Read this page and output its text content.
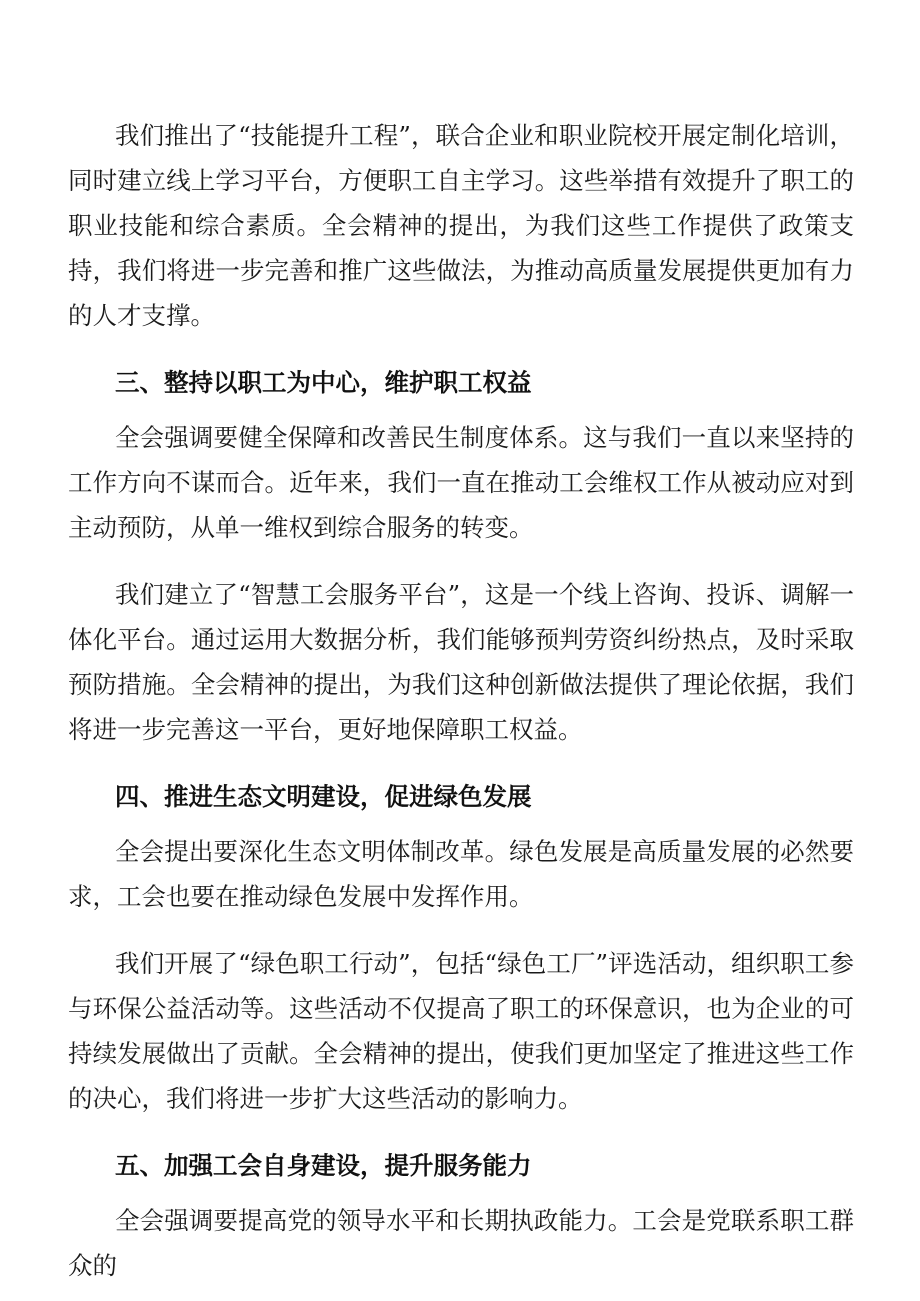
我们推出了“技能提升工程”，联合企业和职业院校开展定制化培训，同时建立线上学习平台，方便职工自主学习。这些举措有效提升了职工的职业技能和综合素质。全会精神的提出，为我们这些工作提供了政策支持，我们将进一步完善和推广这些做法，为推动高质量发展提供更加有力的人才支撑。

三、整持以职工为中心，维护职工权益

全会强调要健全保障和改善民生制度体系。这与我们一直以来坚持的工作方向不谋而合。近年来，我们一直在推动工会维权工作从被动应对到主动预防，从单一维权到综合服务的转变。

我们建立了“智慧工会服务平台”，这是一个线上咨询、投诉、调解一体化平台。通过运用大数据分析，我们能够预判劳资纠纷热点，及时采取预防措施。全会精神的提出，为我们这种创新做法提供了理论依据，我们将进一步完善这一平台，更好地保障职工权益。

四、推进生态文明建设，促进绿色发展

全会提出要深化生态文明体制改革。绿色发展是高质量发展的必然要求，工会也要在推动绿色发展中发挥作用。

我们开展了“绿色职工行动”，包括“绿色工厂”评选活动，组织职工参与环保公益活动等。这些活动不仅提高了职工的环保意识，也为企业的可持续发展做出了贡献。全会精神的提出，使我们更加坚定了推进这些工作的决心，我们将进一步扩大这些活动的影响力。

五、加强工会自身建设，提升服务能力

全会强调要提高党的领导水平和长期执政能力。工会是党联系职工群众的
